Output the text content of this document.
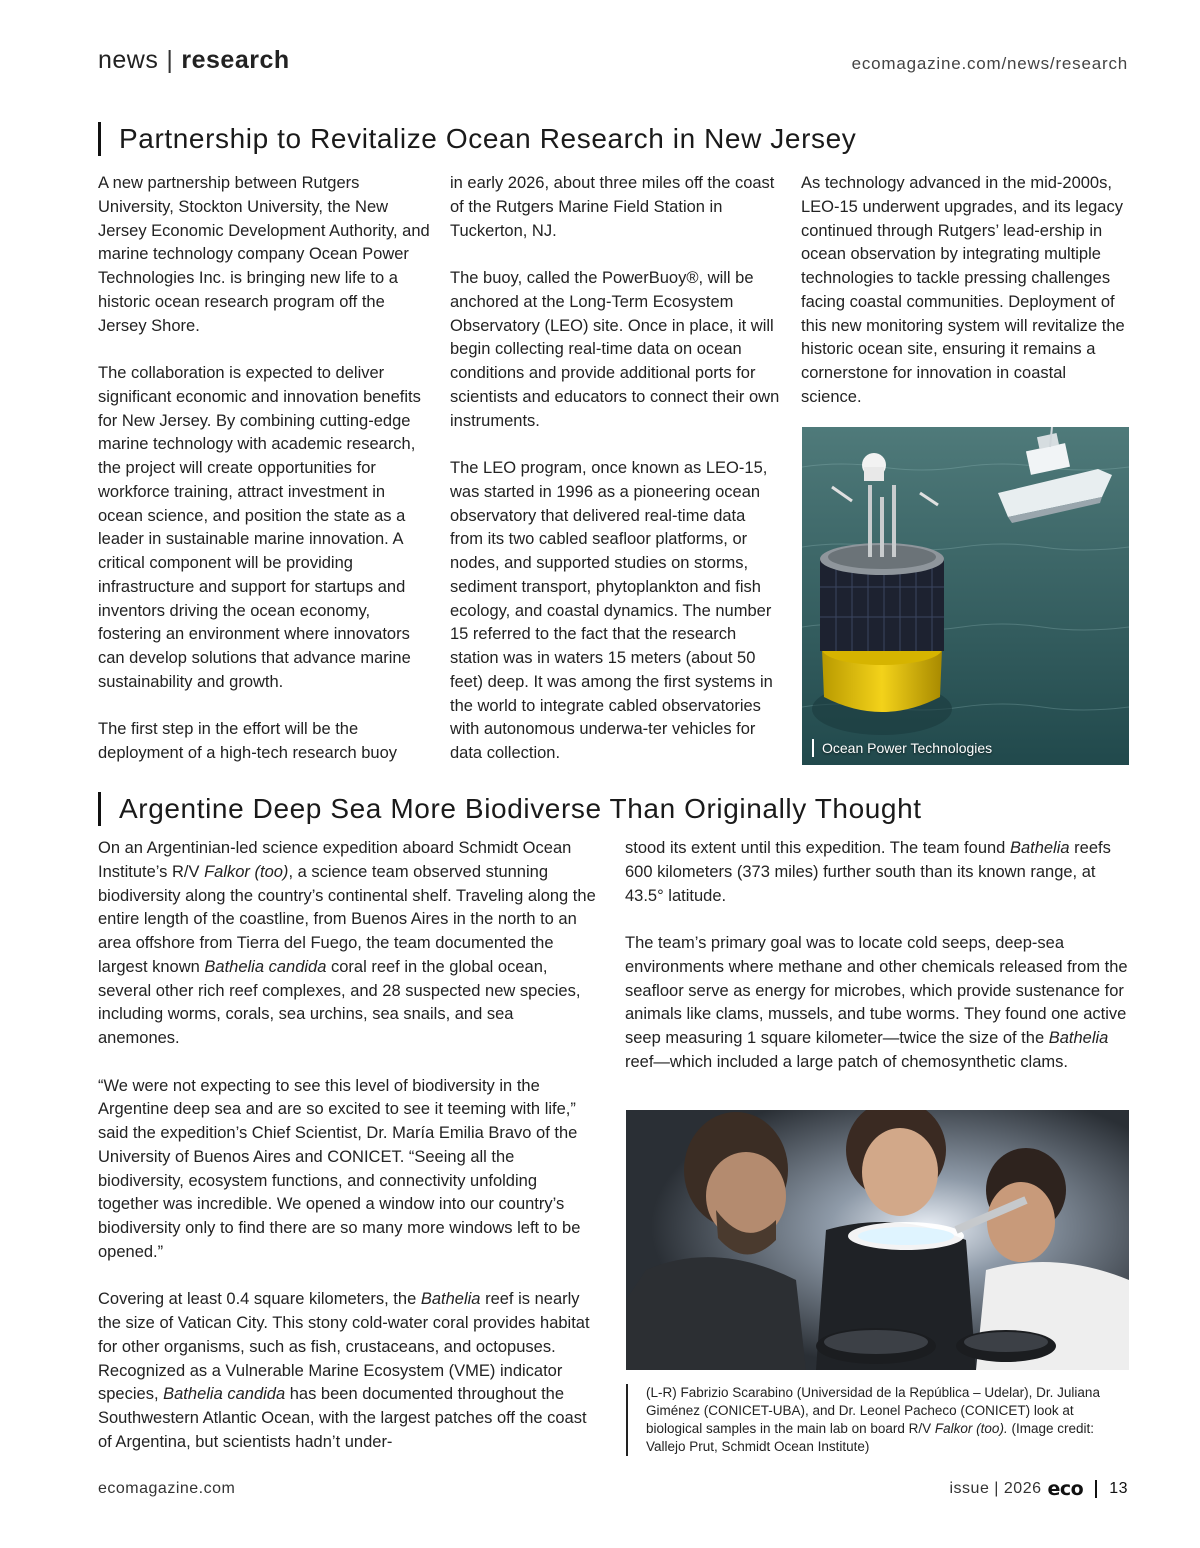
news | research	ecomagazine.com/news/research
Partnership to Revitalize Ocean Research in New Jersey

A new partnership between Rutgers University, Stockton University, the New Jersey Economic Development Authority, and marine technology company Ocean Power Technologies Inc. is bringing new life to a historic ocean research program off the Jersey Shore.

The collaboration is expected to deliver significant economic and innovation benefits for New Jersey. By combining cutting-edge marine technology with academic research, the project will create opportunities for workforce training, attract investment in ocean science, and position the state as a leader in sustainable marine innovation. A critical component will be providing infrastructure and support for startups and inventors driving the ocean economy, fostering an environment where innovators can develop solutions that advance marine sustainability and growth.

The first step in the effort will be the deployment of a high-tech research buoy

in early 2026, about three miles off the coast of the Rutgers Marine Field Station in Tuckerton, NJ.

The buoy, called the PowerBuoy®, will be anchored at the Long-Term Ecosystem Observatory (LEO) site. Once in place, it will begin collecting real-time data on ocean conditions and provide additional ports for scientists and educators to connect their own instruments.

The LEO program, once known as LEO-15, was started in 1996 as a pioneering ocean observatory that delivered real-time data from its two cabled seafloor platforms, or nodes, and supported studies on storms, sediment transport, phytoplankton and fish ecology, and coastal dynamics. The number 15 referred to the fact that the research station was in waters 15 meters (about 50 feet) deep. It was among the first systems in the world to integrate cabled observatories with autonomous underwa-ter vehicles for data collection.

As technology advanced in the mid-2000s, LEO-15 underwent upgrades, and its legacy continued through Rutgers’ lead-ership in ocean observation by integrating multiple technologies to tackle pressing challenges facing coastal communities. Deployment of this new monitoring system will revitalize the historic ocean site, ensuring it remains a cornerstone for innovation in coastal science.

Ocean Power Technologies
Argentine Deep Sea More Biodiverse Than Originally Thought

On an Argentinian-led science expedition aboard Schmidt Ocean Institute’s R/V Falkor (too), a science team observed stunning biodiversity along the country’s continental shelf. Traveling along the entire length of the coastline, from Buenos Aires in the north to an area offshore from Tierra del Fuego, the team documented the largest known Bathelia candida coral reef in the global ocean, several other rich reef complexes, and 28 suspected new species, including worms, corals, sea urchins, sea snails, and sea anemones.

“We were not expecting to see this level of biodiversity in the Argentine deep sea and are so excited to see it teeming with life,” said the expedition’s Chief Scientist, Dr. María Emilia Bravo of the University of Buenos Aires and CONICET. “Seeing all the biodiversity, ecosystem functions, and connectivity unfolding together was incredible. We opened a window into our country’s biodiversity only to find there are so many more windows left to be opened.”

Covering at least 0.4 square kilometers, the Bathelia reef is nearly the size of Vatican City. This stony cold-water coral provides habitat for other organisms, such as fish, crustaceans, and octopuses. Recognized as a Vulnerable Marine Ecosystem (VME) indicator species, Bathelia candida has been documented throughout the Southwestern Atlantic Ocean, with the largest patches off the coast of Argentina, but scientists hadn’t under-

stood its extent until this expedition. The team found Bathelia reefs 600 kilometers (373 miles) further south than its known range, at 43.5° latitude.

The team’s primary goal was to locate cold seeps, deep-sea environments where methane and other chemicals released from the seafloor serve as energy for microbes, which provide sustenance for animals like clams, mussels, and tube worms. They found one active seep measuring 1 square kilometer—twice the size of the Bathelia reef—which included a large patch of chemosynthetic clams.

(L-R) Fabrizio Scarabino (Universidad de la República – Udelar), Dr. Juliana Giménez (CONICET-UBA), and Dr. Leonel Pacheco (CONICET) look at biological samples in the main lab on board R/V Falkor (too). (Image credit: Vallejo Prut, Schmidt Ocean Institute)
ecomagazine.com	issue | 2026 eco 13
